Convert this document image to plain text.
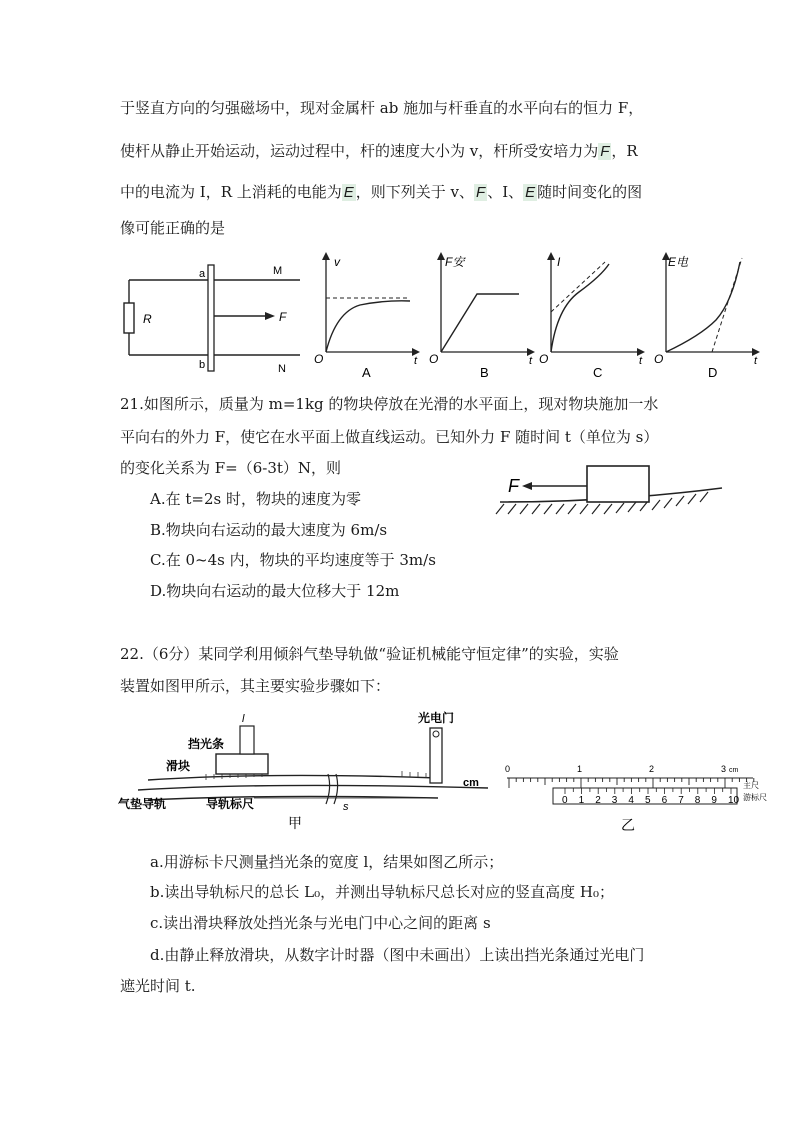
于竖直方向的匀强磁场中，现对金属杆 ab 施加与杆垂直的水平向右的恒力 F，
使杆从静止开始运动，运动过程中，杆的速度大小为 v，杆所受安培力为 F ，R
中的电流为 I，R 上消耗的电能为 E ，则下列关于 v、 F 、I、 E 随时间变化的图
像可能正确的是
R
a
b
M
N
F
v
O	t
A
F安
O	t
B
I
O	t
C
E电
O	t
D
21.如图所示，质量为 m=1kg 的物块停放在光滑的水平面上，现对物块施加一水
平向右的外力 F，使它在水平面上做直线运动。已知外力 F 随时间 t（单位为 s）
的变化关系为 F=（6-3t）N，则
A.在 t=2s 时，物块的速度为零
B.物块向右运动的最大速度为 6m/s
C.在 0~4s 内，物块的平均速度等于 3m/s
D.物块向右运动的最大位移大于 12m
F
22.（6分）某同学利用倾斜气垫导轨做“验证机械能守恒定律”的实验，实验
装置如图甲所示，其主要实验步骤如下：
l
挡光条
滑块
气垫导轨	导轨标尺
光电门
s
cm
甲
0	1	2	3 cm
主尺
0 1 2 3 4 5 6 7 8 9 10 游标尺
乙
a.用游标卡尺测量挡光条的宽度 l，结果如图乙所示；
b.读出导轨标尺的总长 L₀，并测出导轨标尺总长对应的竖直高度 H₀；
c.读出滑块释放处挡光条与光电门中心之间的距离 s
d.由静止释放滑块，从数字计时器（图中未画出）上读出挡光条通过光电门
遮光时间 t.
